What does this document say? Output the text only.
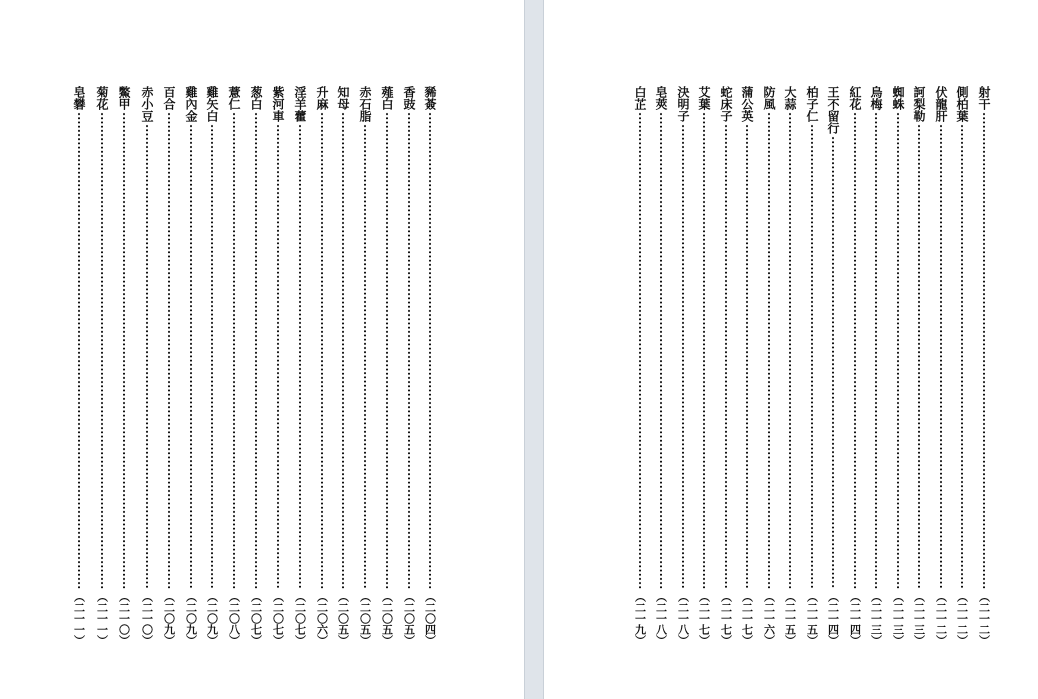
皂礬
（二一一）
菊花
（二一一）
鱉甲
（二一〇）
赤小豆
（二一〇）
百合
（二〇九）
雞內金
（二〇九）
雞矢白
（二〇九）
薏仁
（二〇八）
葱白
（二〇七）
紫河車
（二〇七）
淫羊藿
（二〇七）
升麻
（二〇六）
知母
（二〇五）
赤石脂
（二〇五）
薤白
（二〇五）
香豉
（二〇五）
豨薟
（二〇四）
白芷
（二一九）
皂莢
（二一八）
決明子
（二一八）
艾葉
（二一七）
蛇床子
（二一七）
蒲公英
（二一七）
防風
（二一六）
大蒜
（二一五）
柏子仁
（二一五）
王不留行
（二一四）
紅花
（二一四）
烏梅
（二一三）
蜘蛛
（二一三）
訶梨勒
（二一三）
伏龍肝
（二一二）
側柏葉
（二一二）
射干
（二一二）
